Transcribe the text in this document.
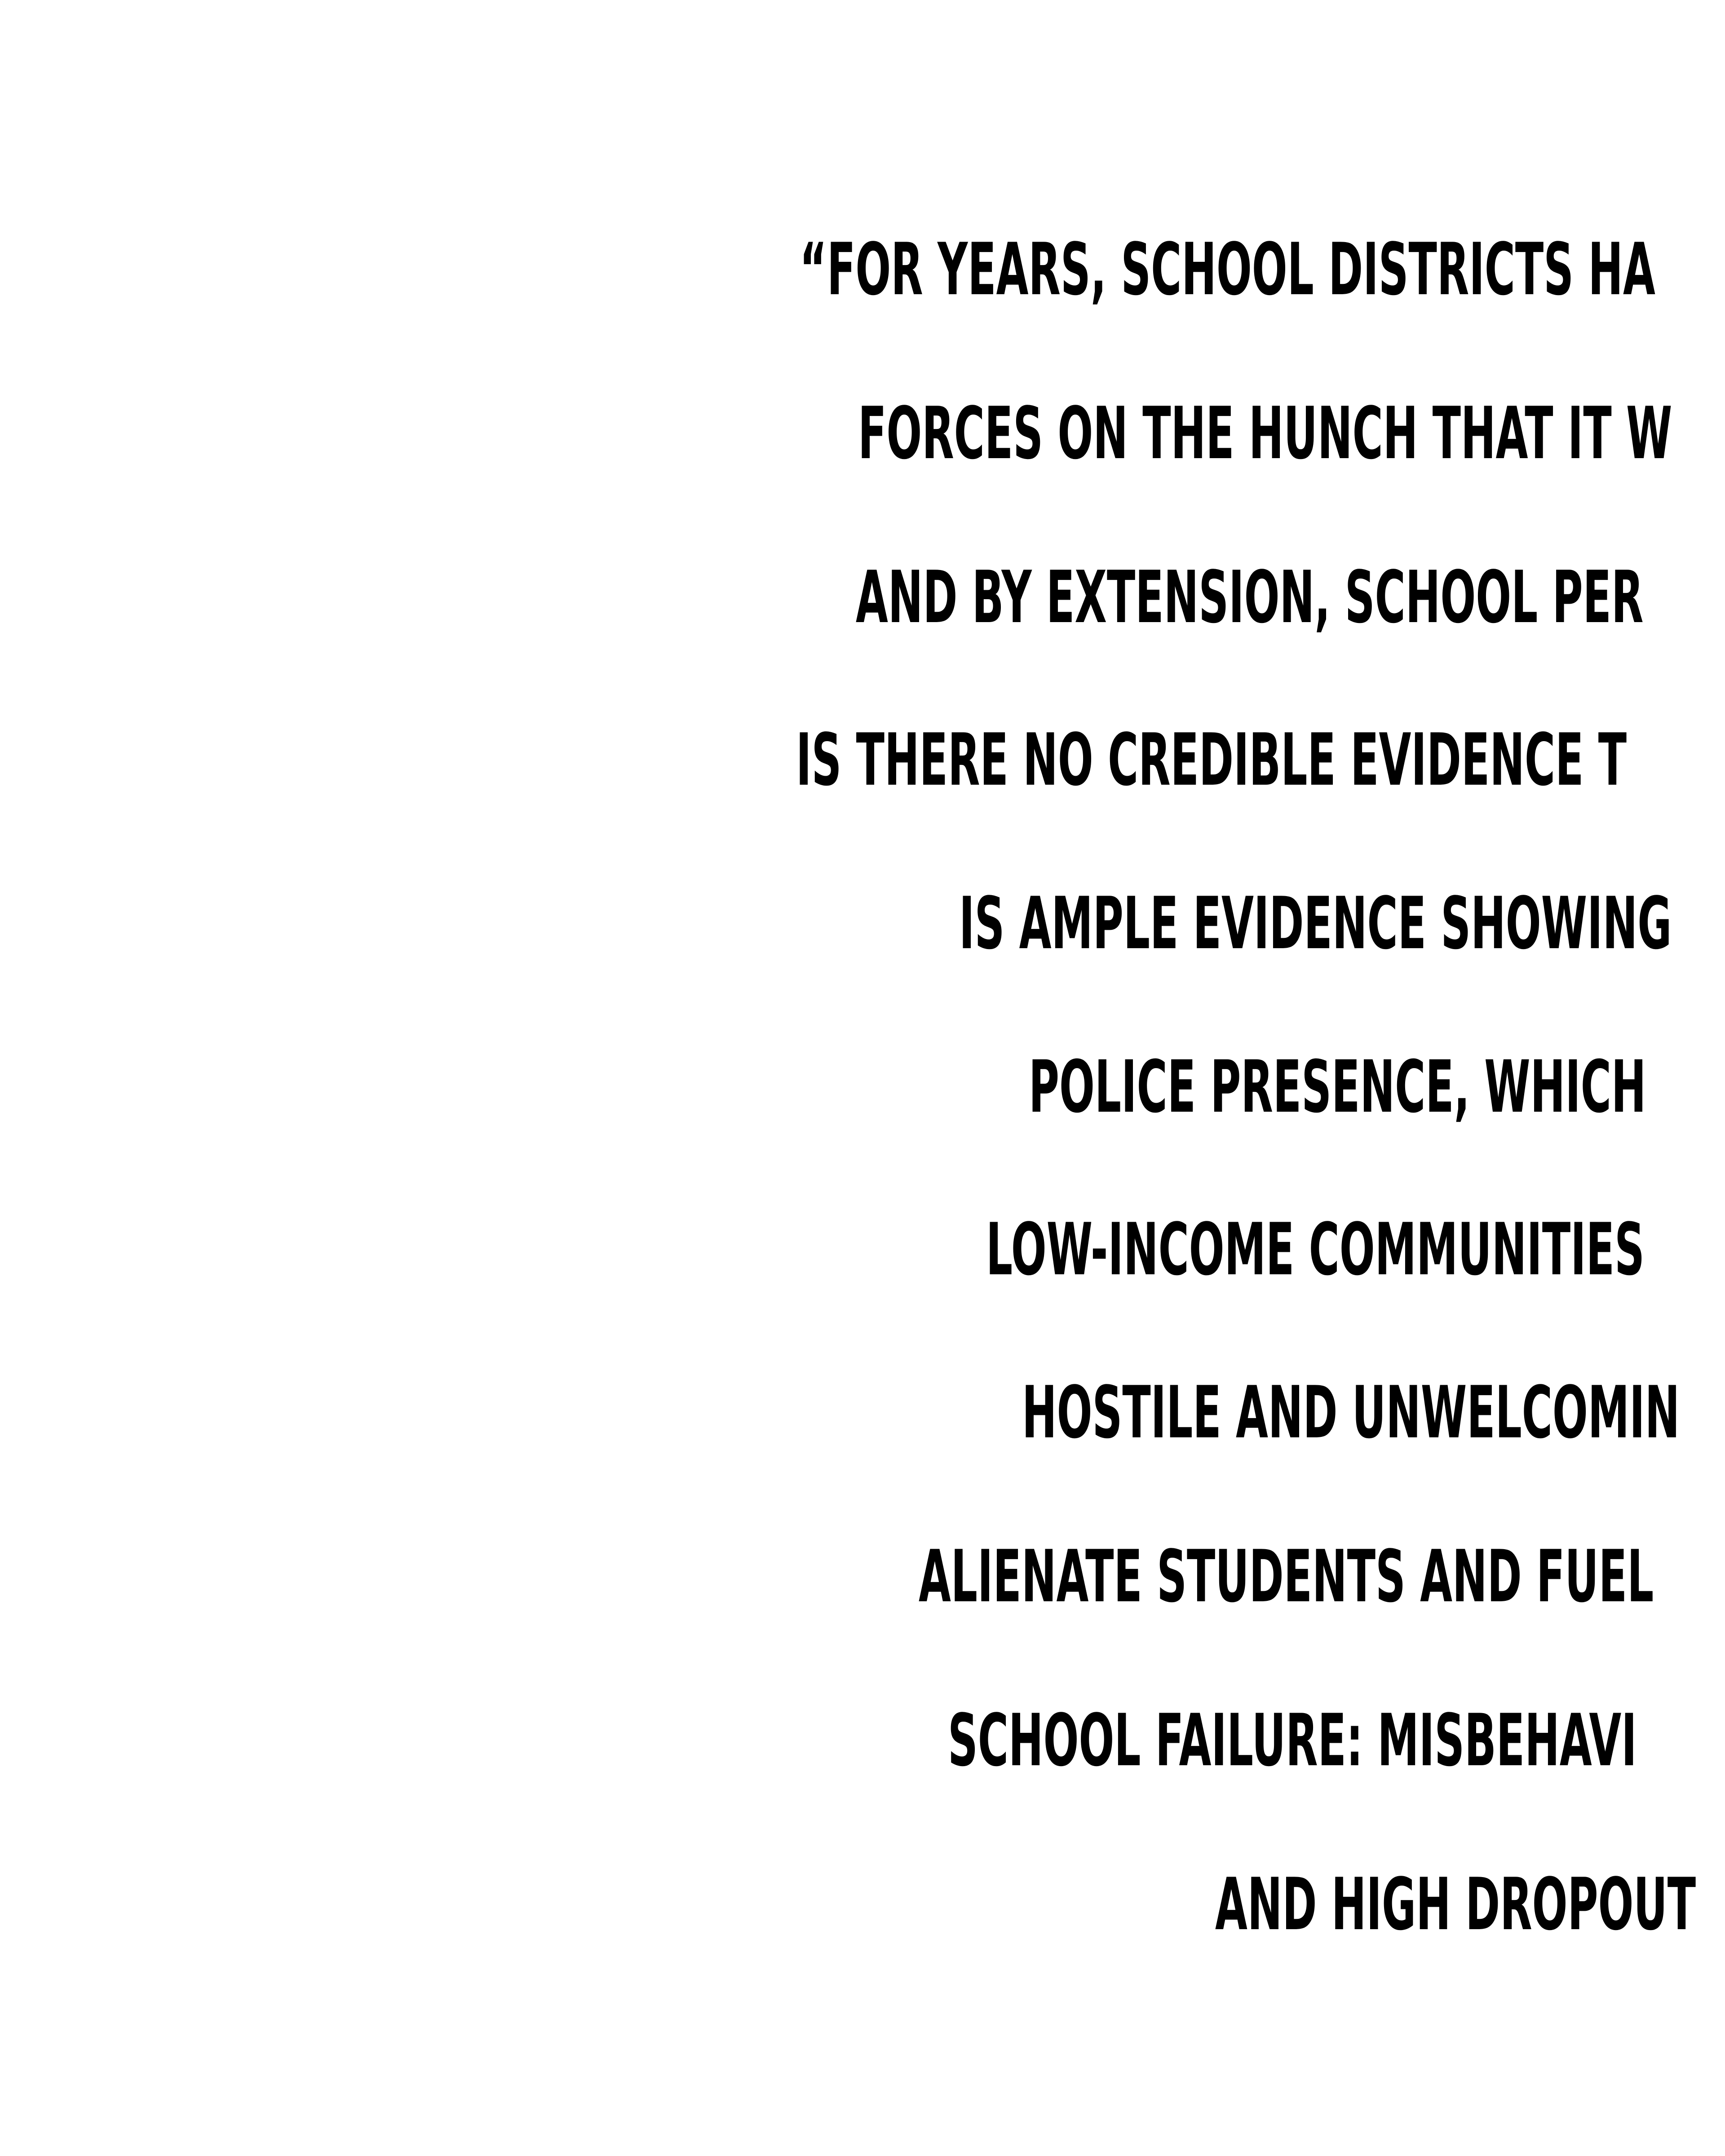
“FOR YEARS, SCHOOL DISTRICTS HA
FORCES ON THE HUNCH THAT IT W
AND BY EXTENSION, SCHOOL PER
IS THERE NO CREDIBLE EVIDENCE T
IS AMPLE EVIDENCE SHOWING
POLICE PRESENCE, WHICH
LOW-INCOME COMMUNITIES
HOSTILE AND UNWELCOMIN
ALIENATE STUDENTS AND FUEL
SCHOOL FAILURE: MISBEHAVI
AND HIGH DROPOUT
